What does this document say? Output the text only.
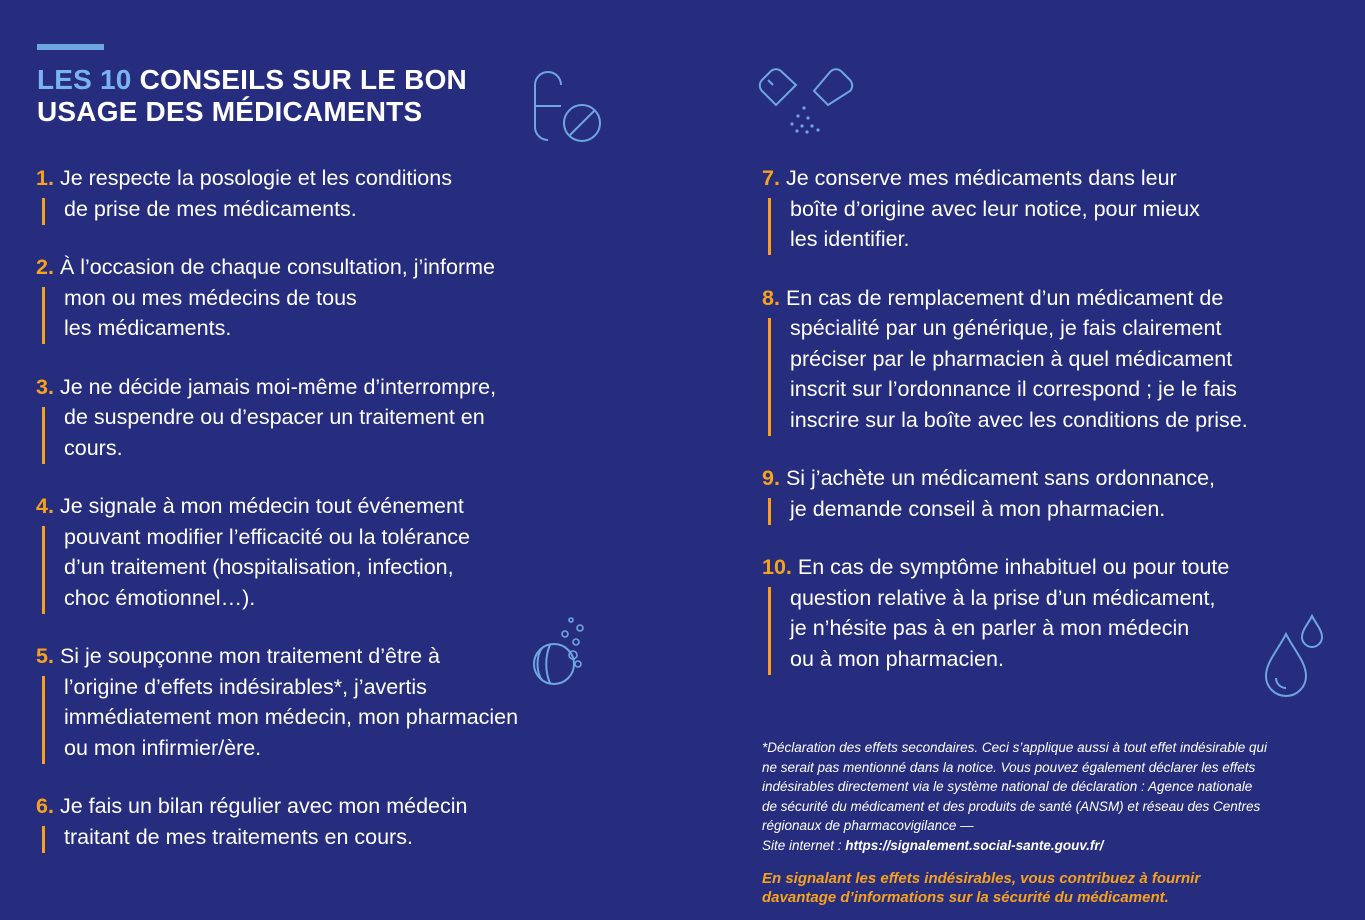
LES 10 CONSEILS SUR LE BON
USAGE DES MÉDICAMENTS
1. Je respecte la posologie et les conditions
de prise de mes médicaments.
2. À l’occasion de chaque consultation, j’informe
mon ou mes médecins de tous
les médicaments.
3. Je ne décide jamais moi-même d’interrompre,
de suspendre ou d’espacer un traitement en
cours.
4. Je signale à mon médecin tout événement
pouvant modifier l’efficacité ou la tolérance
d’un traitement (hospitalisation, infection,
choc émotionnel…).
5. Si je soupçonne mon traitement d’être à
l’origine d’effets indésirables*, j’avertis
immédiatement mon médecin, mon pharmacien
ou mon infirmier/ère.
6. Je fais un bilan régulier avec mon médecin
traitant de mes traitements en cours.
7. Je conserve mes médicaments dans leur
boîte d’origine avec leur notice, pour mieux
les identifier.
8. En cas de remplacement d’un médicament de
spécialité par un générique, je fais clairement
préciser par le pharmacien à quel médicament
inscrit sur l’ordonnance il correspond ; je le fais
inscrire sur la boîte avec les conditions de prise.
9. Si j’achète un médicament sans ordonnance,
je demande conseil à mon pharmacien.
10. En cas de symptôme inhabituel ou pour toute
question relative à la prise d’un médicament,
je n’hésite pas à en parler à mon médecin
ou à mon pharmacien.
*Déclaration des effets secondaires. Ceci s’applique aussi à tout effet indésirable qui
ne serait pas mentionné dans la notice. Vous pouvez également déclarer les effets
indésirables directement via le système national de déclaration : Agence nationale
de sécurité du médicament et des produits de santé (ANSM) et réseau des Centres
régionaux de pharmacovigilance —
Site internet : https://signalement.social-sante.gouv.fr/
En signalant les effets indésirables, vous contribuez à fournir
davantage d’informations sur la sécurité du médicament.
